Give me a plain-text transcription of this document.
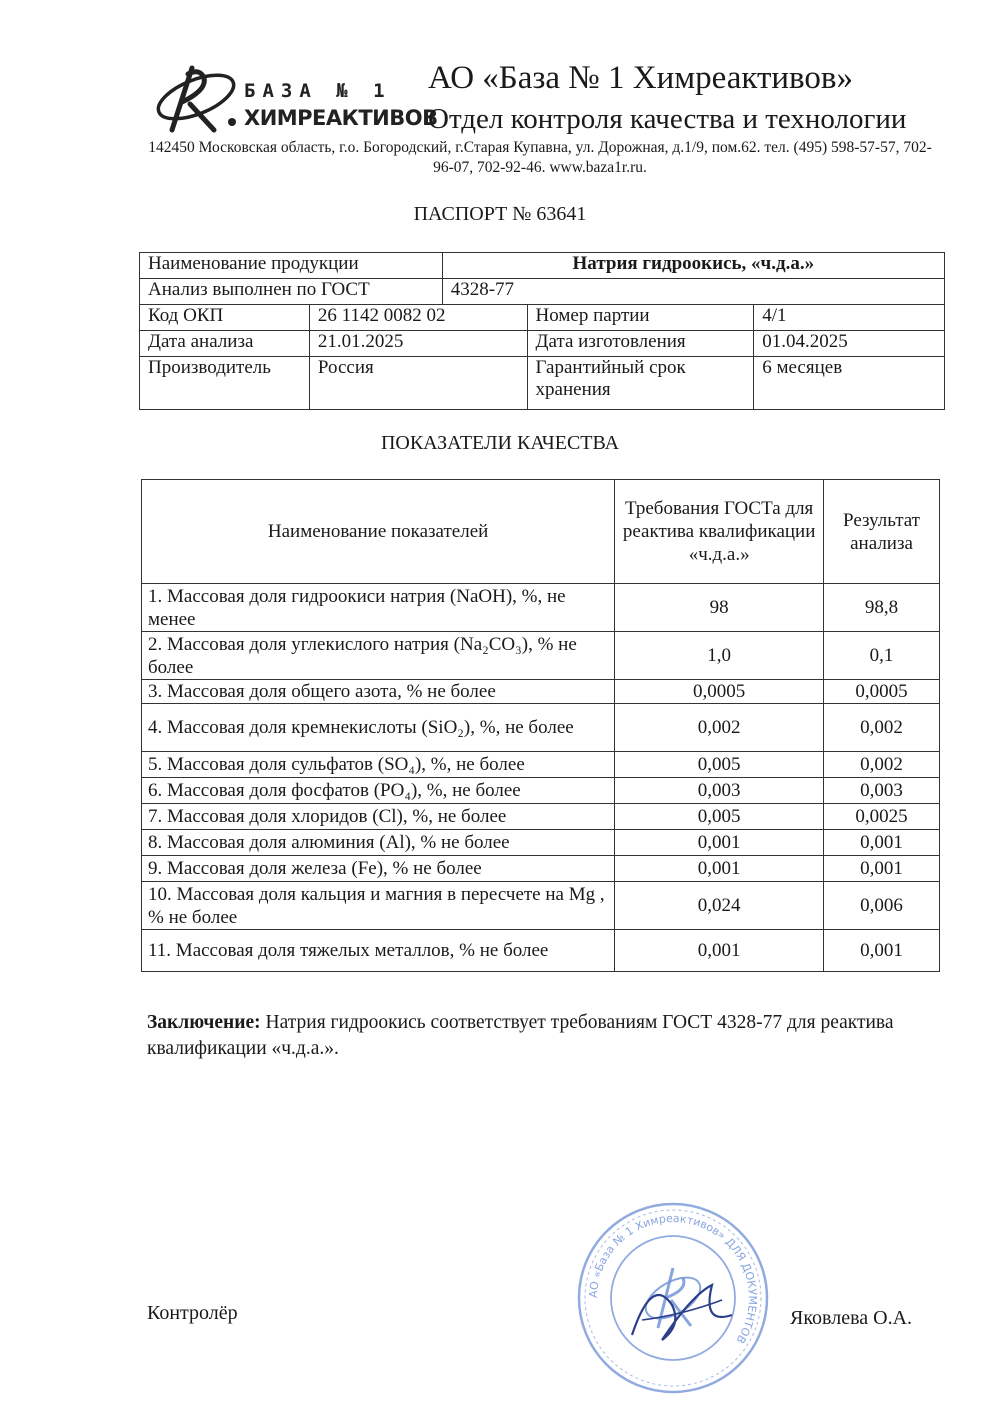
БАЗА № 1
ХИМРЕАКТИВОВ
АО «База № 1 Химреактивов»
Отдел контроля качества и технологии
142450 Московская область, г.о. Богородский, г.Старая Купавна, ул. Дорожная, д.1/9, пом.62. тел. (495) 598-57-57, 702-96-07, 702-92-46. www.baza1r.ru.
ПАСПОРТ № 63641
Наименование продукции		Натрия гидроокись, «ч.д.а.»		
Анализ выполнен по ГОСТ		4328-77		
Код ОКП	26 1142 0082 02		Номер партии	4/1
Дата анализа	21.01.2025		Дата изготовления	01.04.2025
Производитель	Россия		Гарантийный срок хранения	6 месяцев
ПОКАЗАТЕЛИ КАЧЕСТВА
Наименование показателей	Требования ГОСТа для реактива квалификации «ч.д.а.»	Результат анализа
1. Массовая доля гидроокиси натрия (NaOH), %, не менее	98	98,8
2. Массовая доля углекислого натрия (Na₂CO₃), % не более	1,0	0,1
3. Массовая доля общего азота, % не более	0,0005	0,0005
4. Массовая доля кремнекислоты (SiO₂), %, не более	0,002	0,002
5. Массовая доля сульфатов (SO₄), %, не более	0,005	0,002
6. Массовая доля фосфатов (PO₄), %, не более	0,003	0,003
7. Массовая доля хлоридов (Cl), %, не более	0,005	0,0025
8. Массовая доля алюминия (Al), % не более	0,001	0,001
9. Массовая доля железа (Fe), % не более	0,001	0,001
10. Массовая доля кальция и магния в пересчете на Mg , % не более	0,024	0,006
11. Массовая доля тяжелых металлов, % не более	0,001	0,001
Заключение: Натрия гидроокись соответствует требованиям ГОСТ 4328-77 для реактива квалификации «ч.д.а.».
Контролёр
АО «База № 1 Химреактивов» ДЛЯ ДОКУМЕНТОВ
Яковлева О.А.
